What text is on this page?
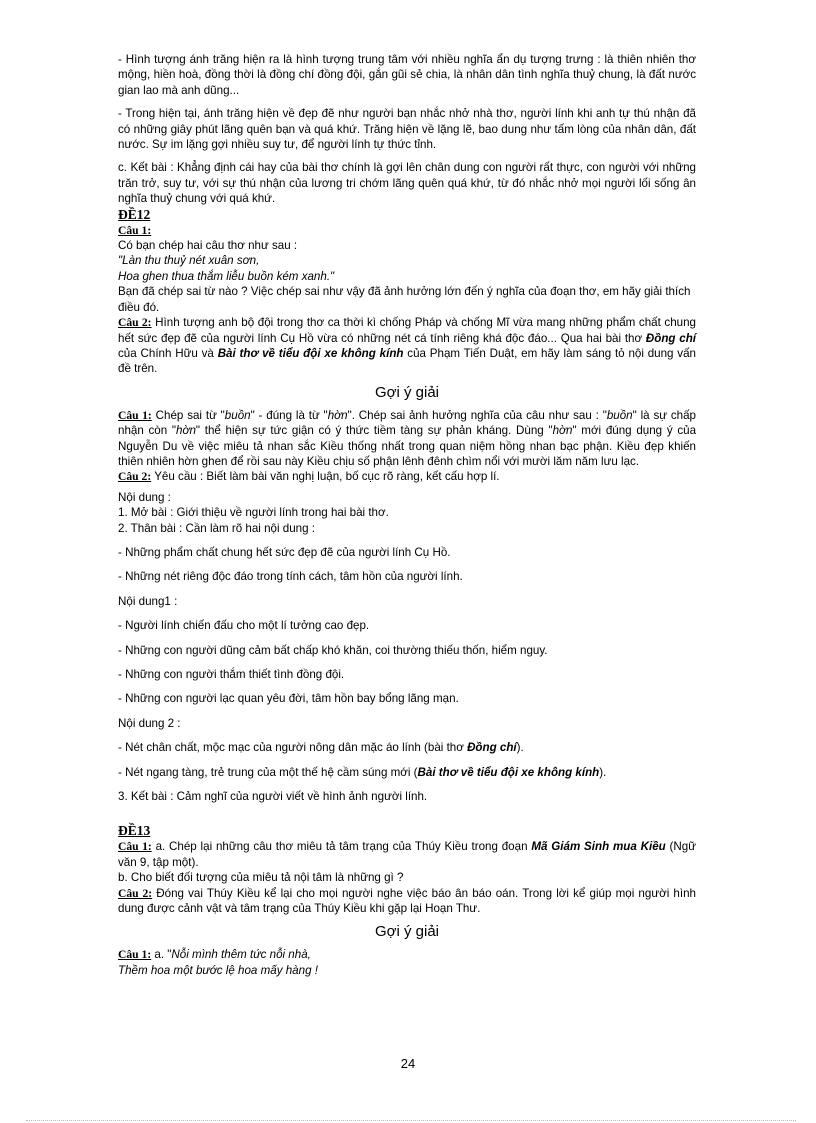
- Hình tượng ánh trăng hiện ra là hình tượng trung tâm với nhiều nghĩa ẩn dụ tượng trưng : là thiên nhiên thơ mộng, hiền hoà, đồng thời là đồng chí đồng đội, gắn gũi sẻ chia, là nhân dân tình nghĩa thuỷ chung, là đất nước gian lao mà anh dũng...

- Trong hiện tại, ánh trăng hiện về đẹp đẽ như người bạn nhắc nhở nhà thơ, người lính khi anh tự thú nhận đã có những giây phút lãng quên bạn và quá khứ. Trăng hiện về lặng lẽ, bao dung như tấm lòng của nhân dân, đất nước. Sự im lặng gợi nhiều suy tư, để người lính tự thức tỉnh.

c. Kết bài : Khẳng định cái hay của bài thơ chính là gợi lên chân dung con người rất thực, con người với những trăn trở, suy tư, với sự thú nhận của lương tri chớm lãng quên quá khứ, từ đó nhắc nhở mọi người lối sống ân nghĩa thuỷ chung với quá khứ.

ĐỀ12

Câu 1:

Có bạn chép hai câu thơ như sau :

"Làn thu thuỷ nét xuân sơn,

Hoa ghen thua thắm liễu buồn kém xanh."

Bạn đã chép sai từ nào ? Việc chép sai như vậy đã ảnh hưởng lớn đến ý nghĩa của đoạn thơ, em hãy giải thích điều đó.

Câu 2: Hình tượng anh bộ đội trong thơ ca thời kì chống Pháp và chống Mĩ vừa mang những phẩm chất chung hết sức đẹp đẽ của người lính Cụ Hồ vừa có những nét cá tính riêng khá độc đáo... Qua hai bài thơ Đồng chí của Chính Hữu và Bài thơ về tiểu đội xe không kính của Phạm Tiến Duật, em hãy làm sáng tỏ nội dung vấn đề trên.

Gợi ý giải

Câu 1: Chép sai từ "buồn" - đúng là từ "hờn". Chép sai ảnh hưởng nghĩa của câu như sau : "buồn" là sự chấp nhận còn "hờn" thể hiện sự tức giận có ý thức tiềm tàng sự phản kháng. Dùng "hờn" mới đúng dụng ý của Nguyễn Du về việc miêu tả nhan sắc Kiều thống nhất trong quan niệm hồng nhan bạc phận. Kiều đẹp khiến thiên nhiên hờn ghen để rồi sau này Kiều chịu số phận lênh đênh chìm nổi với mười lăm năm lưu lạc.

Câu 2: Yêu cầu : Biết làm bài văn nghị luận, bố cục rõ ràng, kết cấu hợp lí.

Nội dung :

1. Mở bài : Giới thiệu về người lính trong hai bài thơ.

2. Thân bài : Cần làm rõ hai nội dung :

- Những phẩm chất chung hết sức đẹp đẽ của người lính Cụ Hồ.

- Những nét riêng độc đáo trong tính cách, tâm hồn của người lính.

Nội dung1 :

- Người lính chiến đấu cho một lí tưởng cao đẹp.

- Những con người dũng cảm bất chấp khó khăn, coi thường thiếu thốn, hiểm nguy.

- Những con người thắm thiết tình đồng đội.

- Những con người lạc quan yêu đời, tâm hồn bay bổng lãng mạn.

Nội dung 2 :

- Nét chân chất, mộc mạc của người nông dân mặc áo lính (bài thơ Đồng chí).

- Nét ngang tàng, trẻ trung của một thế hệ cầm súng mới (Bài thơ về tiểu đội xe không kính).

3. Kết bài : Cảm nghĩ của người viết về hình ảnh người lính.

ĐỀ13

Câu 1: a. Chép lại những câu thơ miêu tả tâm trạng của Thúy Kiều trong đoạn Mã Giám Sinh mua Kiều (Ngữ văn 9, tập một).

b. Cho biết đối tượng của miêu tả nội tâm là những gì ?

Câu 2: Đóng vai Thúy Kiều kể lại cho mọi người nghe việc báo ân báo oán. Trong lời kể giúp mọi người hình dung được cảnh vật và tâm trạng của Thúy Kiều khi gặp lại Hoạn Thư.

Gợi ý giải

Câu 1: a. "Nỗi mình thêm tức nỗi nhà,

Thềm hoa một bước lệ hoa mấy hàng !

24
